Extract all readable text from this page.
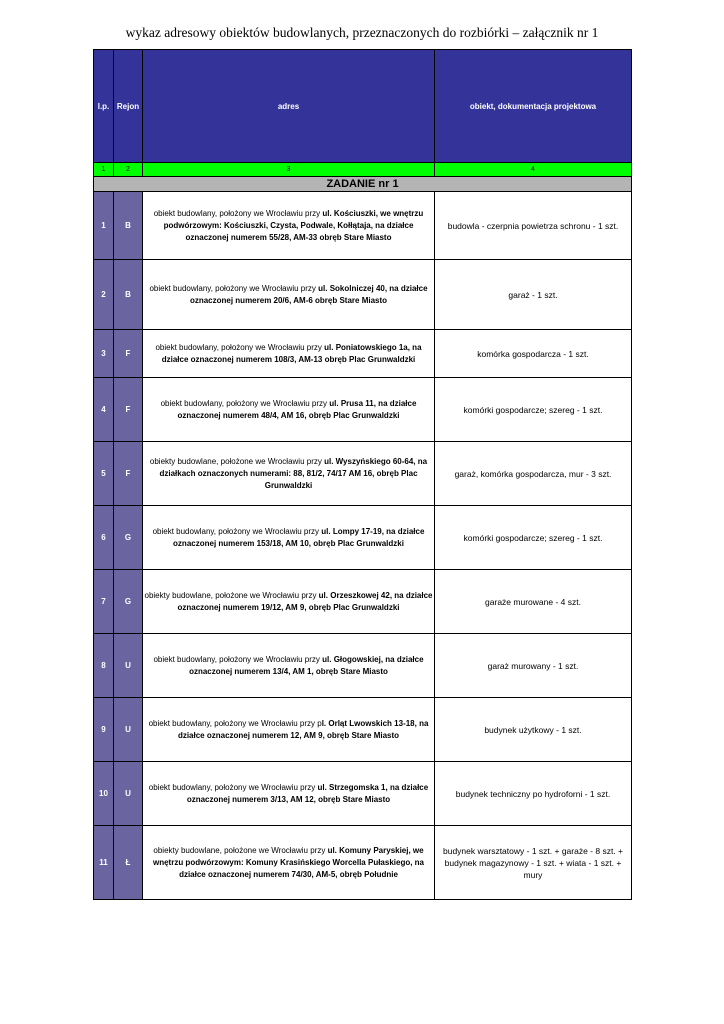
wykaz adresowy obiektów budowlanych, przeznaczonych do rozbiórki – załącznik nr 1
l.p.	Rejon	adres	obiekt, dokumentacja projektowa
1	2	3	4
ZADANIE nr 1			
1	B	obiekt budowlany, położony we Wrocławiu przy ul. Kościuszki, we wnętrzu podwórzowym: Kościuszki, Czysta, Podwale, Kołłątaja, na działce oznaczonej numerem 55/28, AM-33 obręb Stare Miasto	budowla - czerpnia powietrza schronu - 1 szt.
2	B	obiekt budowlany, położony we Wrocławiu przy ul. Sokolniczej 40, na działce oznaczonej numerem 20/6, AM-6 obręb Stare Miasto	garaż - 1 szt.
3	F	obiekt budowlany, położony we Wrocławiu przy ul. Poniatowskiego 1a, na działce oznaczonej numerem 108/3, AM-13 obręb Plac Grunwaldzki	komórka gospodarcza - 1 szt.
4	F	obiekt budowlany, położony we Wrocławiu przy ul. Prusa 11, na działce oznaczonej numerem 48/4, AM 16, obręb Plac Grunwaldzki	komórki gospodarcze; szereg - 1 szt.
5	F	obiekty budowlane, położone we Wrocławiu przy ul. Wyszyńskiego 60-64, na działkach oznaczonych numerami: 88, 81/2, 74/17 AM 16, obręb Plac Grunwaldzki	garaż, komórka gospodarcza, mur - 3 szt.
6	G	obiekt budowlany, położony we Wrocławiu przy ul. Lompy 17-19, na działce oznaczonej numerem 153/18, AM 10, obręb Plac Grunwaldzki	komórki gospodarcze; szereg - 1 szt.
7	G	obiekty budowlane, położone we Wrocławiu przy ul. Orzeszkowej 42, na działce oznaczonej numerem 19/12, AM 9, obręb Plac Grunwaldzki	garaże murowane - 4 szt.
8	U	obiekt budowlany, położony we Wrocławiu przy ul. Głogowskiej, na działce oznaczonej numerem 13/4, AM 1, obręb Stare Miasto	garaż murowany - 1 szt.
9	U	obiekt budowlany, położony we Wrocławiu przy pl. Orląt Lwowskich 13-18, na działce oznaczonej numerem 12, AM 9, obręb Stare Miasto	budynek użytkowy - 1 szt.
10	U	obiekt budowlany, położony we Wrocławiu przy ul. Strzegomska 1, na działce oznaczonej numerem 3/13, AM 12, obręb Stare Miasto	budynek techniczny po hydroforni - 1 szt.
11	Ł	obiekty budowlane, położone we Wrocławiu przy ul. Komuny Paryskiej, we wnętrzu podwórzowym: Komuny Krasińskiego Worcella Pułaskiego, na działce oznaczonej numerem 74/30, AM-5, obręb Południe	budynek warsztatowy - 1 szt. + garaże - 8 szt. + budynek magazynowy - 1 szt. + wiata - 1 szt. + mury
